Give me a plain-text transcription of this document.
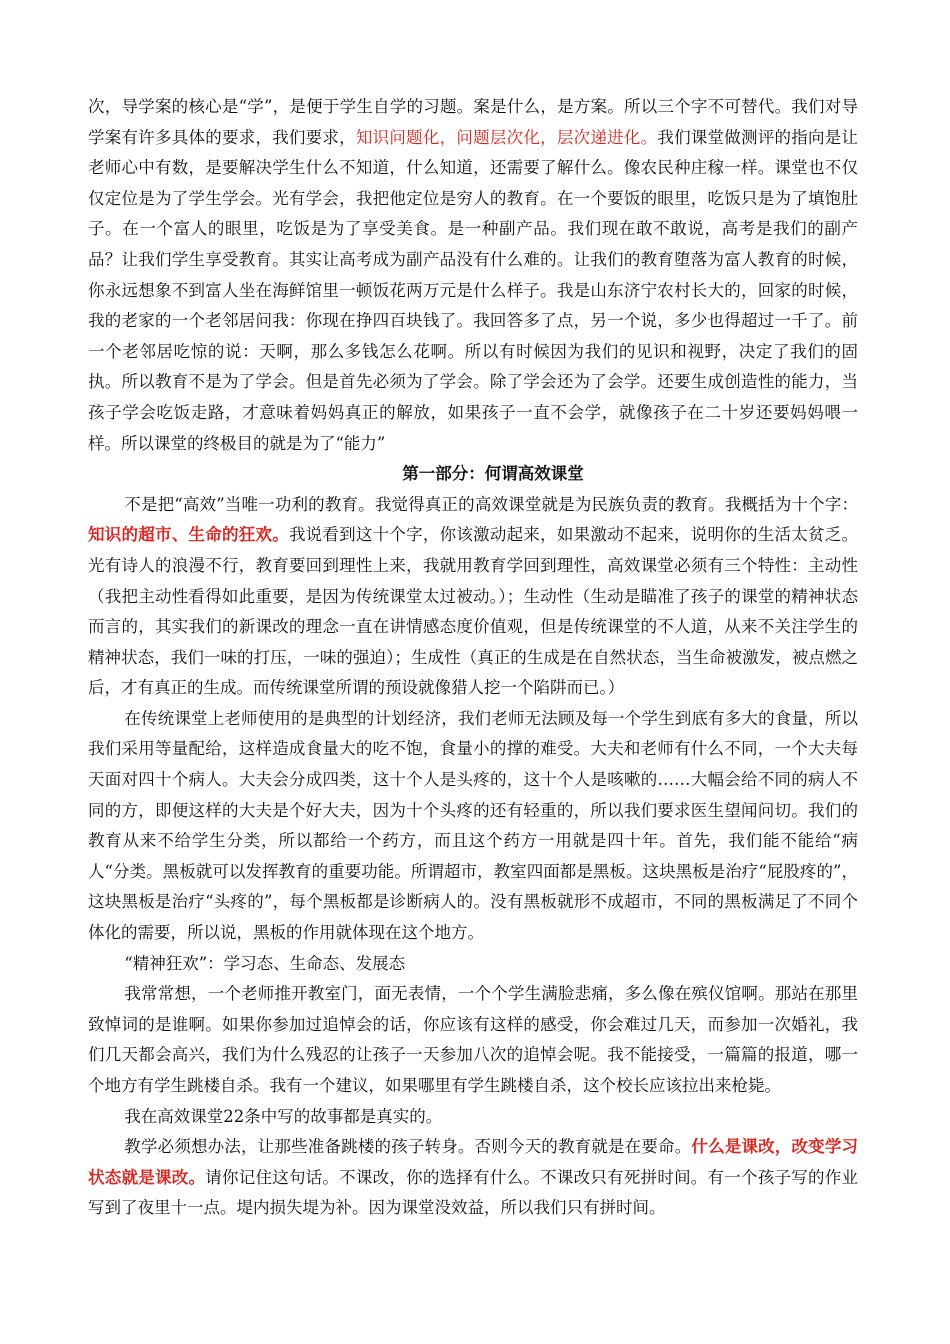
次，导学案的核心是“学”，是便于学生自学的习题。案是什么，是方案。所以三个字不可替代。我们对导学案有许多具体的要求，我们要求，知识问题化，问题层次化，层次递进化。我们课堂做测评的指向是让老师心中有数，是要解决学生什么不知道，什么知道，还需要了解什么。像农民种庄稼一样。课堂也不仅仅定位是为了学生学会。光有学会，我把他定位是穷人的教育。在一个要饭的眼里，吃饭只是为了填饱肚子。在一个富人的眼里，吃饭是为了享受美食。是一种副产品。我们现在敢不敢说，高考是我们的副产品？让我们学生享受教育。其实让高考成为副产品没有什么难的。让我们的教育堕落为富人教育的时候，你永远想象不到富人坐在海鲜馆里一顿饭花两万元是什么样子。我是山东济宁农村长大的，回家的时候，我的老家的一个老邻居问我：你现在挣四百块钱了。我回答多了点，另一个说，多少也得超过一千了。前一个老邻居吃惊的说：天啊，那么多钱怎么花啊。所以有时候因为我们的见识和视野，决定了我们的固执。所以教育不是为了学会。但是首先必须为了学会。除了学会还为了会学。还要生成创造性的能力，当孩子学会吃饭走路，才意味着妈妈真正的解放，如果孩子一直不会学，就像孩子在二十岁还要妈妈喂一样。所以课堂的终极目的就是为了“能力”

第一部分：何谓高效课堂

不是把“高效”当唯一功利的教育。我觉得真正的高效课堂就是为民族负责的教育。我概括为十个字：知识的超市、生命的狂欢。我说看到这十个字，你该激动起来，如果激动不起来，说明你的生活太贫乏。光有诗人的浪漫不行，教育要回到理性上来，我就用教育学回到理性，高效课堂必须有三个特性：主动性（我把主动性看得如此重要，是因为传统课堂太过被动。）；生动性（生动是瞄准了孩子的课堂的精神状态而言的，其实我们的新课改的理念一直在讲情感态度价值观，但是传统课堂的不人道，从来不关注学生的精神状态，我们一味的打压，一味的强迫）；生成性（真正的生成是在自然状态，当生命被激发，被点燃之后，才有真正的生成。而传统课堂所谓的预设就像猎人挖一个陷阱而已。）

在传统课堂上老师使用的是典型的计划经济，我们老师无法顾及每一个学生到底有多大的食量，所以我们采用等量配给，这样造成食量大的吃不饱，食量小的撑的难受。大夫和老师有什么不同，一个大夫每天面对四十个病人。大夫会分成四类，这十个人是头疼的，这十个人是咳嗽的……大幅会给不同的病人不同的方，即便这样的大夫是个好大夫，因为十个头疼的还有轻重的，所以我们要求医生望闻问切。我们的教育从来不给学生分类，所以都给一个药方，而且这个药方一用就是四十年。首先，我们能不能给“病人“分类。黑板就可以发挥教育的重要功能。所谓超市，教室四面都是黑板。这块黑板是治疗“屁股疼的”，这块黑板是治疗“头疼的”，每个黑板都是诊断病人的。没有黑板就形不成超市，不同的黑板满足了不同个体化的需要，所以说，黑板的作用就体现在这个地方。

“精神狂欢”：学习态、生命态、发展态

我常常想，一个老师推开教室门，面无表情，一个个学生满脸悲痛，多么像在殡仪馆啊。那站在那里致悼词的是谁啊。如果你参加过追悼会的话，你应该有这样的感受，你会难过几天，而参加一次婚礼，我们几天都会高兴，我们为什么残忍的让孩子一天参加八次的追悼会呢。我不能接受，一篇篇的报道，哪一个地方有学生跳楼自杀。我有一个建议，如果哪里有学生跳楼自杀，这个校长应该拉出来枪毙。

我在高效课堂22条中写的故事都是真实的。

教学必须想办法，让那些准备跳楼的孩子转身。否则今天的教育就是在要命。什么是课改，改变学习状态就是课改。请你记住这句话。不课改，你的选择有什么。不课改只有死拼时间。有一个孩子写的作业写到了夜里十一点。堤内损失堤为补。因为课堂没效益，所以我们只有拼时间。
